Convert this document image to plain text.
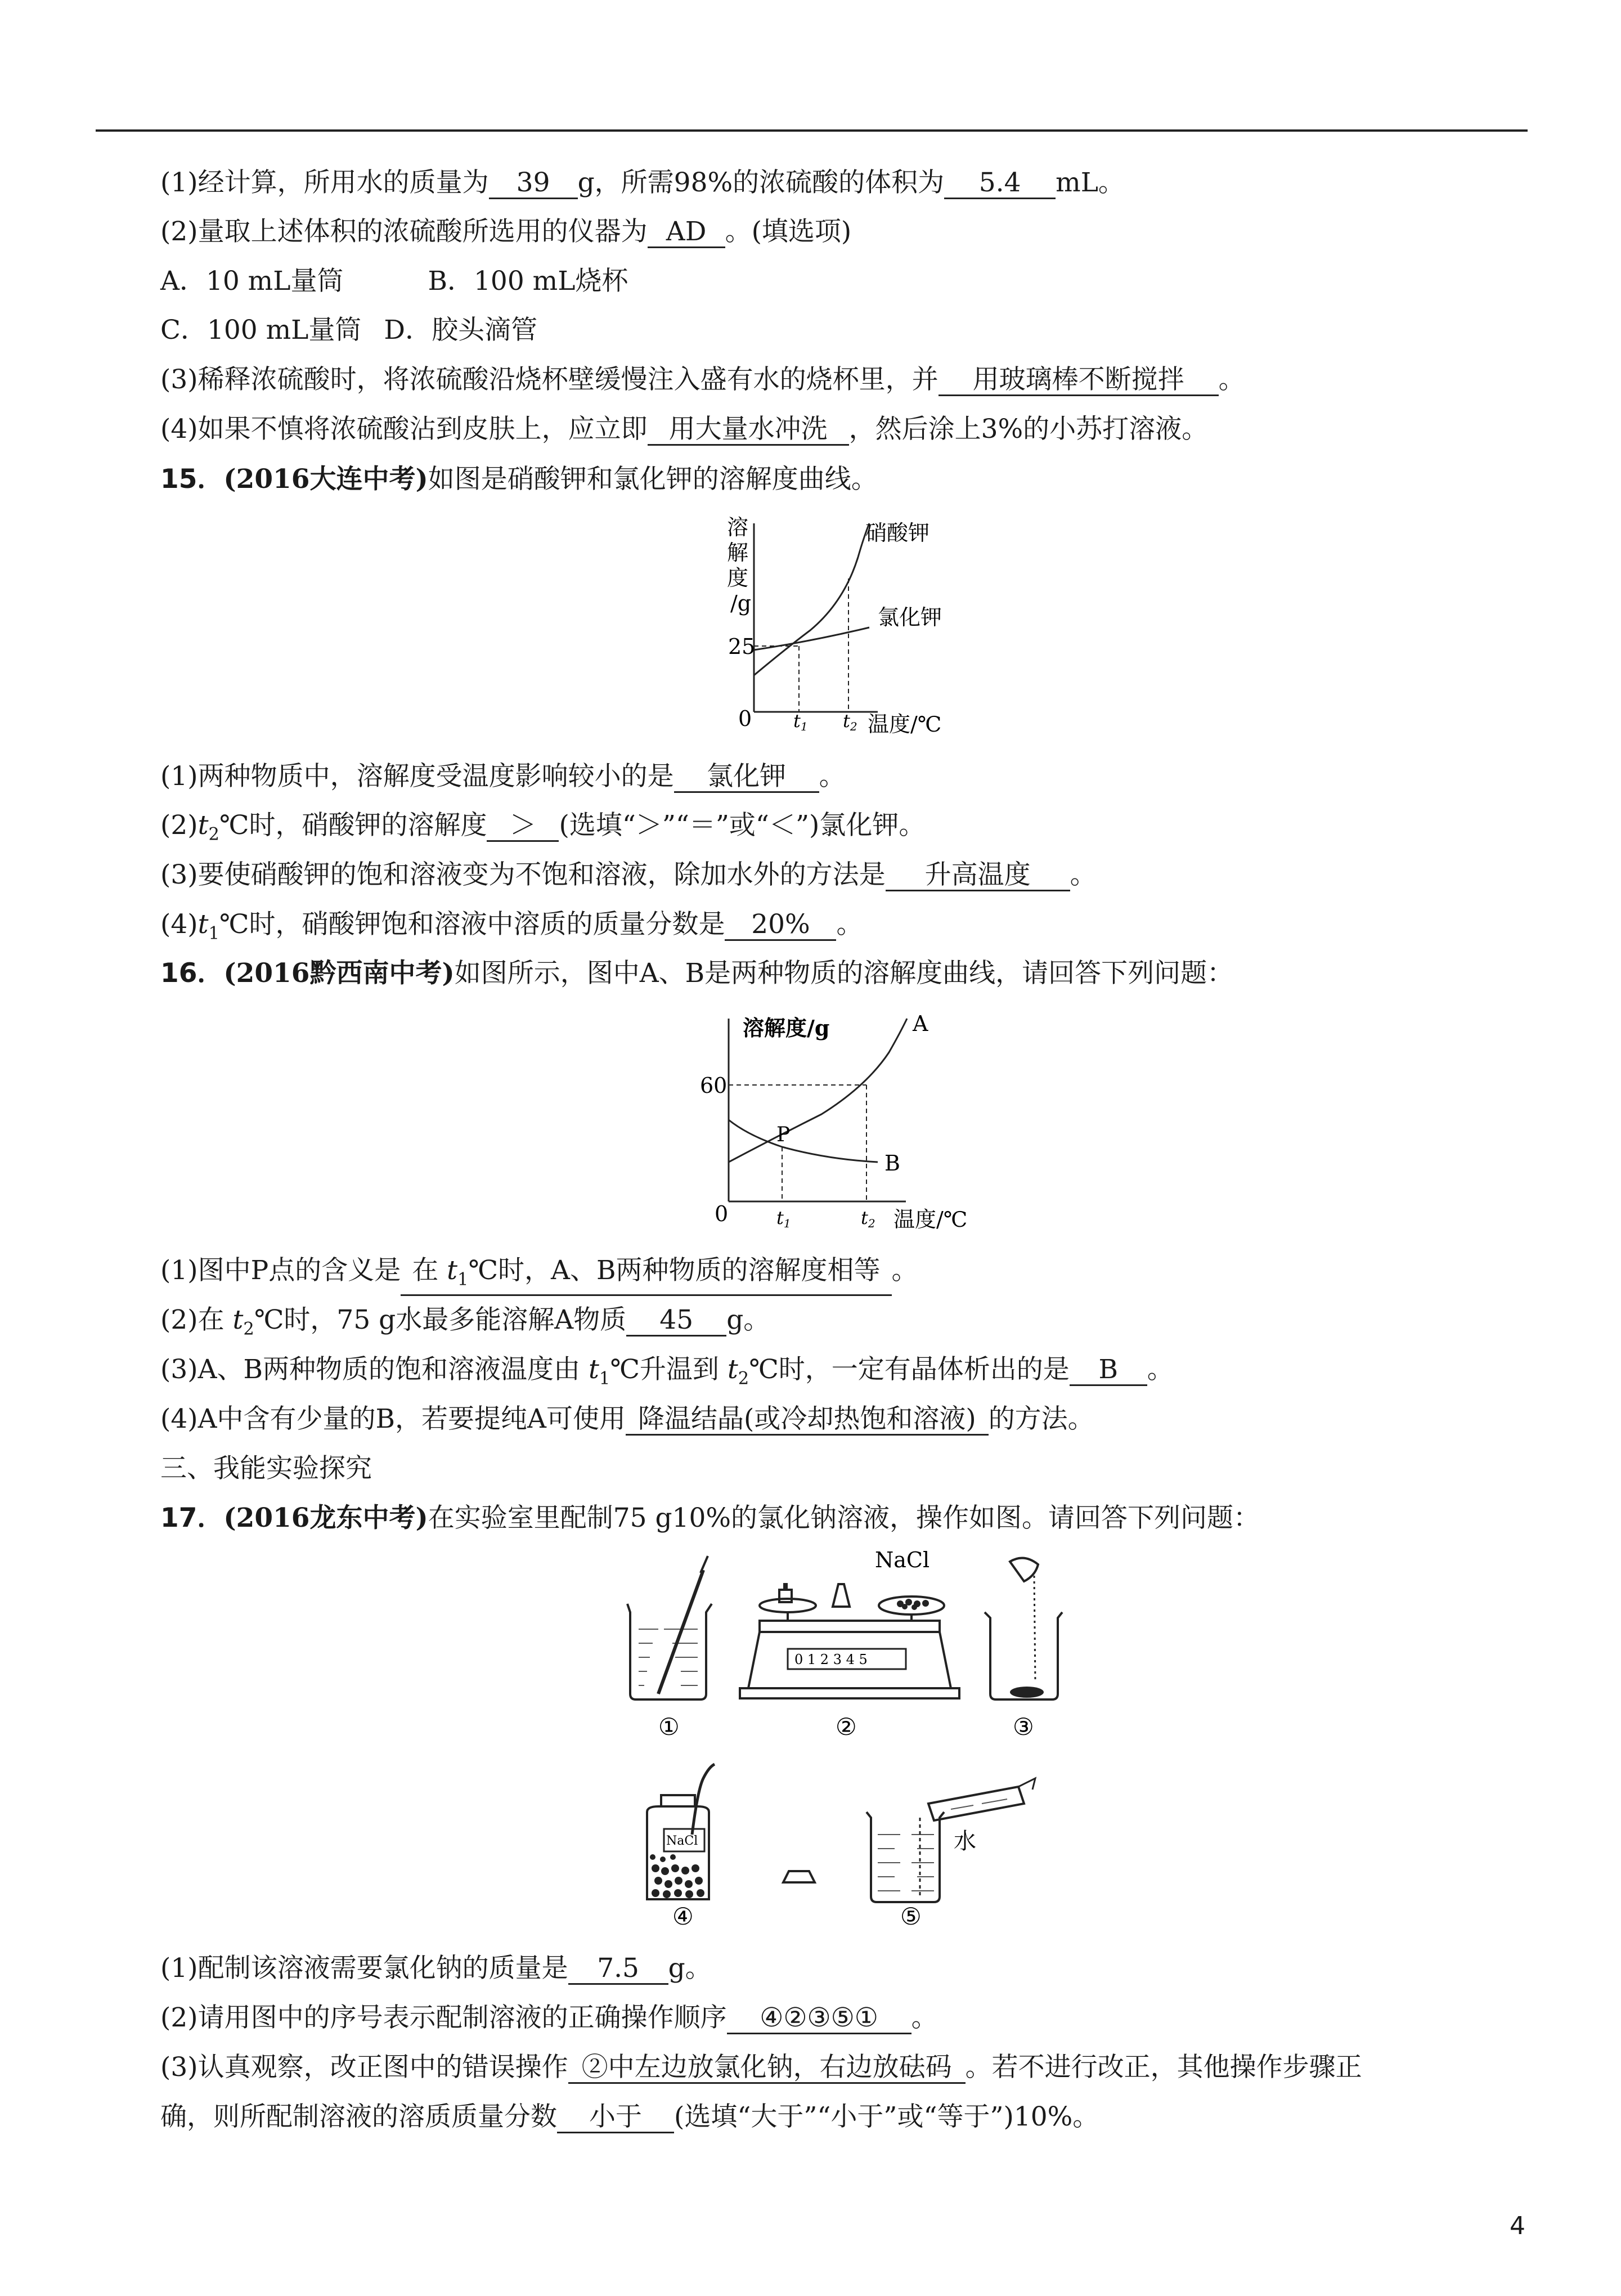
(1)经计算，所用水的质量为 39 g，所需98%的浓硫酸的体积为 5.4 mL。
(2)量取上述体积的浓硫酸所选用的仪器为 AD 。(填选项)
A．10 mL量筒	B．100 mL烧杯
C．100 mL量筒 D．胶头滴管
(3)稀释浓硫酸时，将浓硫酸沿烧杯壁缓慢注入盛有水的烧杯里，并 用玻璃棒不断搅拌 。
(4)如果不慎将浓硫酸沾到皮肤上，应立即 用大量水冲洗 ，然后涂上3%的小苏打溶液。
15．(2016大连中考)如图是硝酸钾和氯化钾的溶解度曲线。
溶
解
度
/g
25
0 t1 t2 温度/℃
硝酸钾
氯化钾
(1)两种物质中，溶解度受温度影响较小的是 氯化钾 。
$(2)t_2℃$时，硝酸钾的溶解度 ＞ (选填“＞”“＝”或“＜”)氯化钾。
(3)要使硝酸钾的饱和溶液变为不饱和溶液，除加水外的方法是 升高温度 。
$(4)t_1℃$时，硝酸钾饱和溶液中溶质的质量分数是 20% 。
16．(2016黔西南中考)如图所示，图中A、B是两种物质的溶解度曲线，请回答下列问题：
溶解度/g
60
0
P
t1	t2 温度/℃
A
B
(1)图中P点的含义是 在 $t_1℃$时，A、B两种物质的溶解度相等 。
(2)在 $t_2℃$时，75 g水最多能溶解A物质 45 g。
(3)A、B两种物质的饱和溶液温度由 $t_1℃$升温到 $t_2℃$时，一定有晶体析出的是 B 。
(4)A中含有少量的B，若要提纯A可使用 降温结晶(或冷却热饱和溶液) 的方法。
三、我能实验探究
17．(2016龙东中考)在实验室里配制75 g10%的氯化钠溶液，操作如图。请回答下列问题：
0 1 2 3 4 5
NaCl
①	②	③
NaCl	水
④	⑤
(1)配制该溶液需要氯化钠的质量是 7.5 g。
(2)请用图中的序号表示配制溶液的正确操作顺序 ④②③⑤① 。
(3)认真观察，改正图中的错误操作 ②中左边放氯化钠，右边放砝码 。若不进行改正，其他操作步骤正
确，则所配制溶液的溶质质量分数 小于 (选填“大于”“小于”或“等于”)10%。
4
